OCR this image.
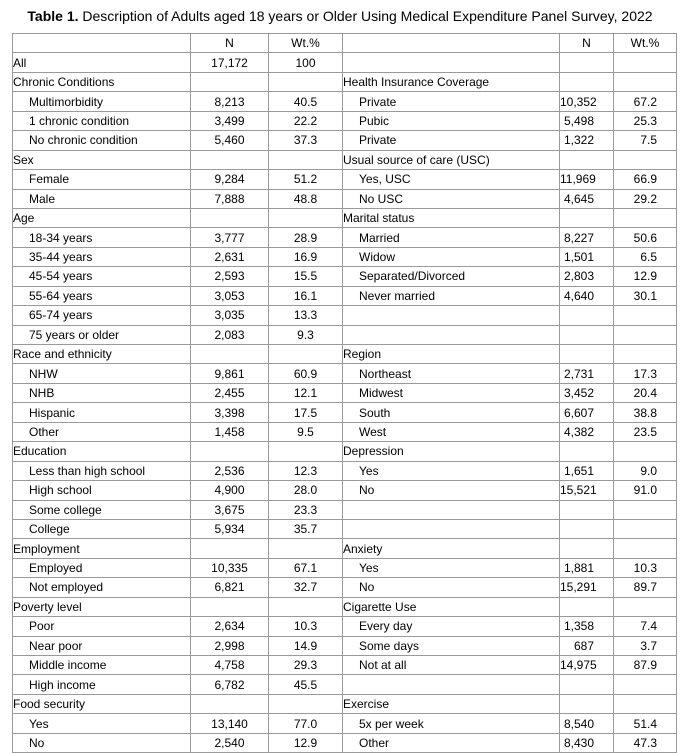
Table 1. Description of Adults aged 18 years or Older Using Medical Expenditure Panel Survey, 2022
	N	Wt.%		N	Wt.%
All	17,172	100			
Chronic Conditions			Health Insurance Coverage		
Multimorbidity	8,213	40.5	Private	10,352	67.2
1 chronic condition	3,499	22.2	Pubic	5,498	25.3
No chronic condition	5,460	37.3	Private	1,322	7.5
Sex			Usual source of care (USC)		
Female	9,284	51.2	Yes, USC	11,969	66.9
Male	7,888	48.8	No USC	4,645	29.2
Age			Marital status		
18-34 years	3,777	28.9	Married	8,227	50.6
35-44 years	2,631	16.9	Widow	1,501	6.5
45-54 years	2,593	15.5	Separated/Divorced	2,803	12.9
55-64 years	3,053	16.1	Never married	4,640	30.1
65-74 years	3,035	13.3			
75 years or older	2,083	9.3			
Race and ethnicity			Region		
NHW	9,861	60.9	Northeast	2,731	17.3
NHB	2,455	12.1	Midwest	3,452	20.4
Hispanic	3,398	17.5	South	6,607	38.8
Other	1,458	9.5	West	4,382	23.5
Education			Depression		
Less than high school	2,536	12.3	Yes	1,651	9.0
High school	4,900	28.0	No	15,521	91.0
Some college	3,675	23.3			
College	5,934	35.7			
Employment			Anxiety		
Employed	10,335	67.1	Yes	1,881	10.3
Not employed	6,821	32.7	No	15,291	89.7
Poverty level			Cigarette Use		
Poor	2,634	10.3	Every day	1,358	7.4
Near poor	2,998	14.9	Some days	687	3.7
Middle income	4,758	29.3	Not at all	14,975	87.9
High income	6,782	45.5			
Food security			Exercise		
Yes	13,140	77.0	5x per week	8,540	51.4
No	2,540	12.9	Other	8,430	47.3
